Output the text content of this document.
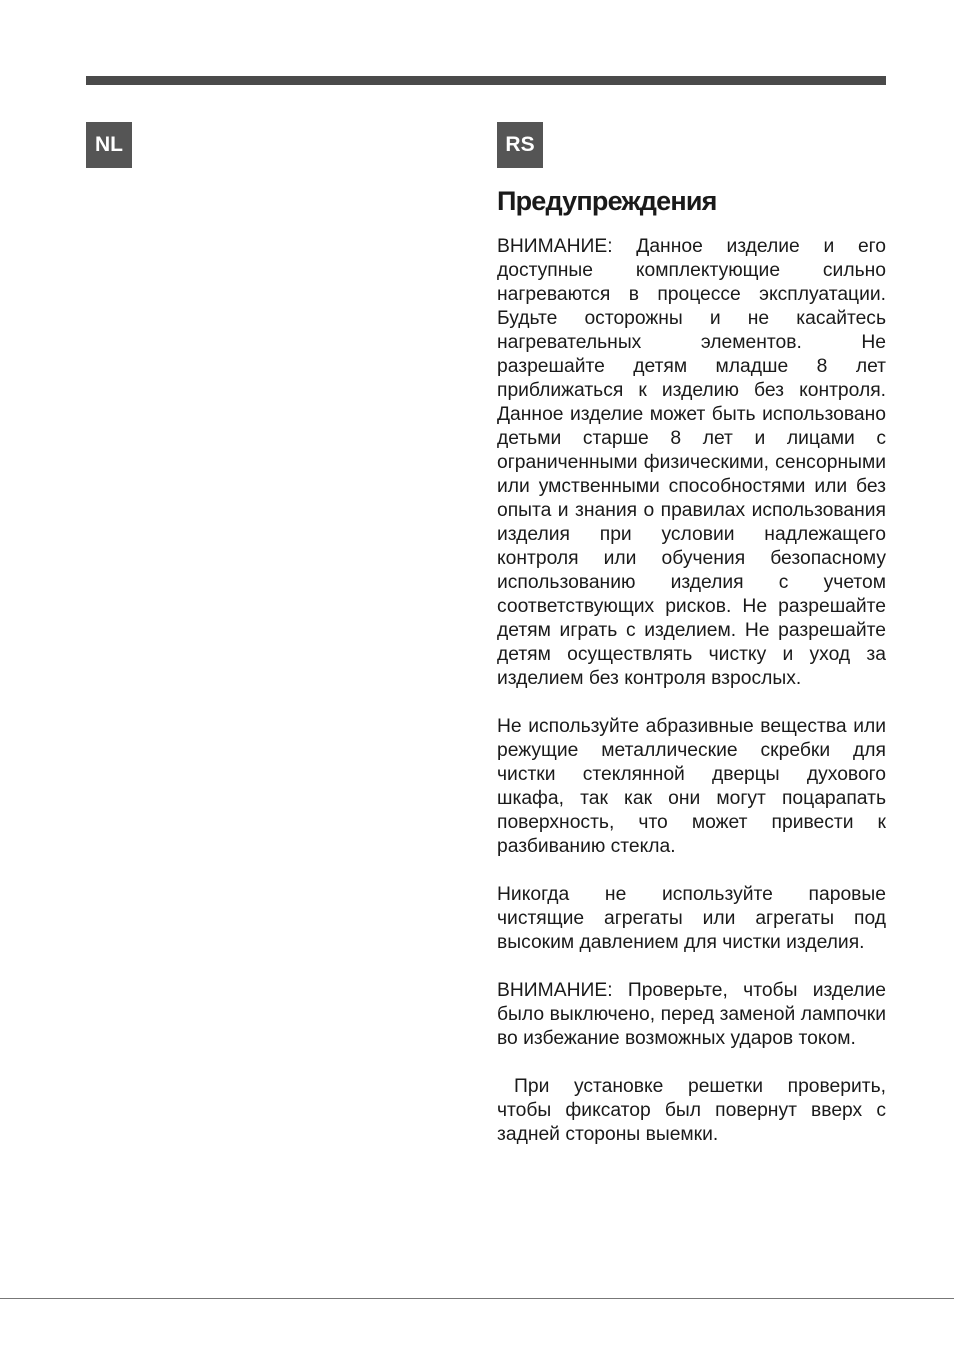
NL	RS
Предупреждения

ВНИМАНИЕ: Данное изделие и его доступные комплектующие сильно нагреваются в процессе эксплуатации. Будьте осторожны и не касайтесь нагревательных элементов. Не разрешайте детям младше 8 лет приближаться к изделию без контроля. Данное изделие может быть использовано детьми старше 8 лет и лицами с ограниченными физическими, сенсорными или умственными способностями или без опыта и знания о правилах использования изделия при условии надлежащего контроля или обучения безопасному использованию изделия с учетом соответствующих рисков. Не разрешайте детям играть с изделием. Не разрешайте детям осуществлять чистку и уход за изделием без контроля взрослых.

Не используйте абразивные вещества или режущие металлические скребки для чистки стеклянной дверцы духового шкафа, так как они могут поцарапать поверхность, что может привести к разбиванию стекла.

Никогда не используйте паровые чистящие агрегаты или агрегаты под высоким давлением для чистки изделия.

ВНИМАНИЕ: Проверьте, чтобы изделие было выключено, перед заменой лампочки во избежание возможных ударов током.

При установке решетки проверить, чтобы фиксатор был повернут вверх с задней стороны выемки.
